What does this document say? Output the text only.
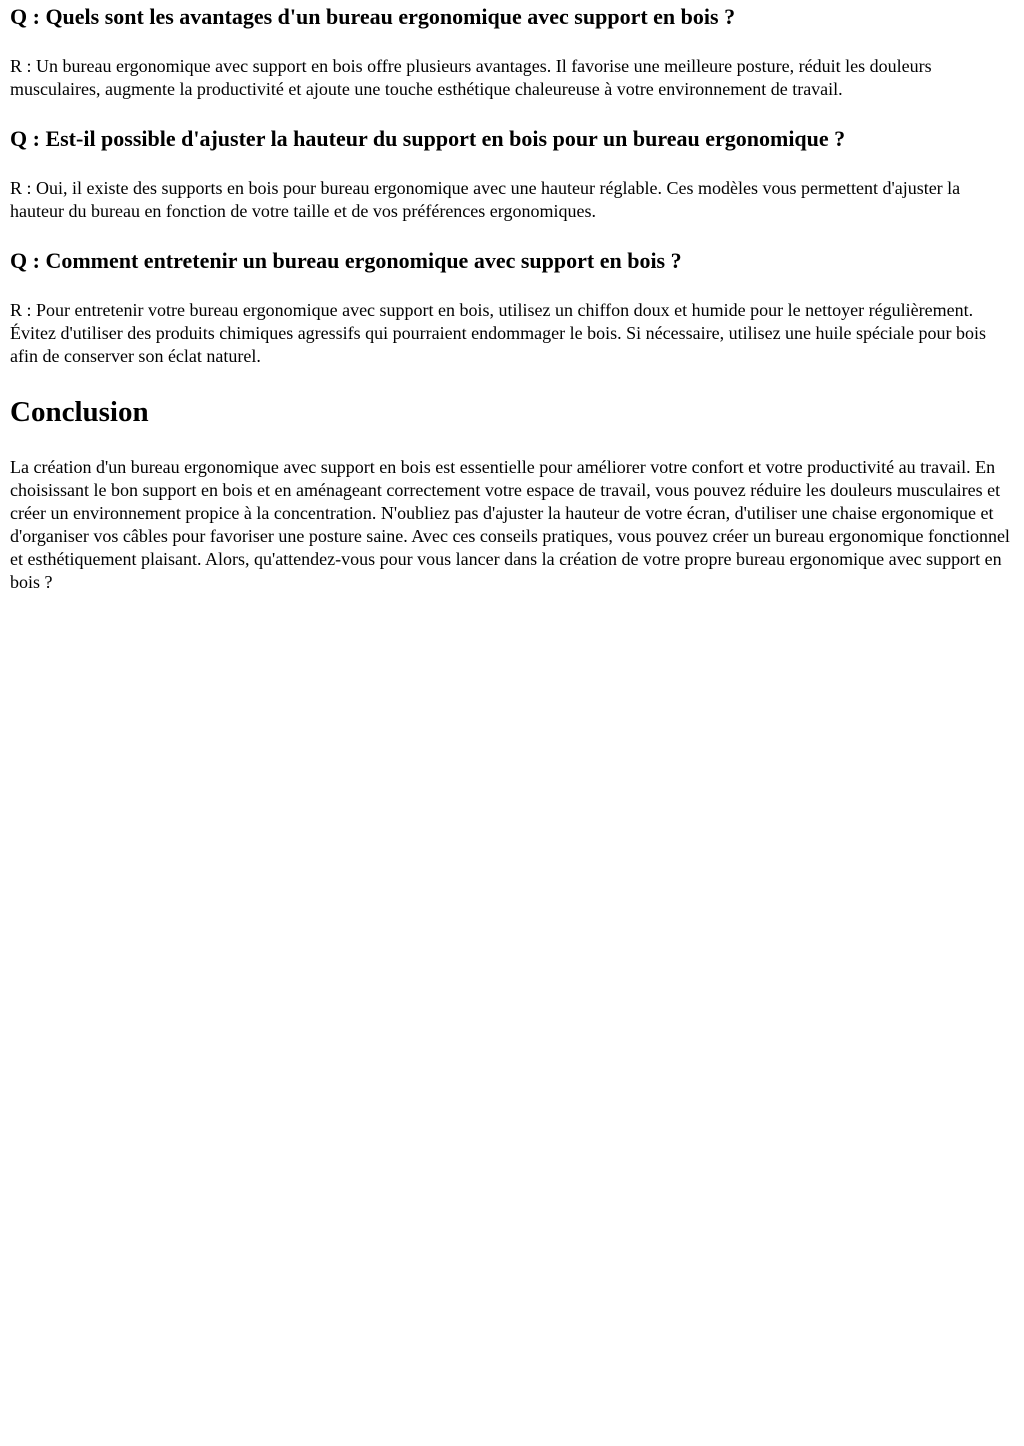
Q : Quels sont les avantages d'un bureau ergonomique avec support en bois ?

R : Un bureau ergonomique avec support en bois offre plusieurs avantages. Il favorise une meilleure posture, réduit les douleurs musculaires, augmente la productivité et ajoute une touche esthétique chaleureuse à votre environnement de travail.

Q : Est-il possible d'ajuster la hauteur du support en bois pour un bureau ergonomique ?

R : Oui, il existe des supports en bois pour bureau ergonomique avec une hauteur réglable. Ces modèles vous permettent d'ajuster la hauteur du bureau en fonction de votre taille et de vos préférences ergonomiques.

Q : Comment entretenir un bureau ergonomique avec support en bois ?

R : Pour entretenir votre bureau ergonomique avec support en bois, utilisez un chiffon doux et humide pour le nettoyer régulièrement. Évitez d'utiliser des produits chimiques agressifs qui pourraient endommager le bois. Si nécessaire, utilisez une huile spéciale pour bois afin de conserver son éclat naturel.

Conclusion

La création d'un bureau ergonomique avec support en bois est essentielle pour améliorer votre confort et votre productivité au travail. En choisissant le bon support en bois et en aménageant correctement votre espace de travail, vous pouvez réduire les douleurs musculaires et créer un environnement propice à la concentration. N'oubliez pas d'ajuster la hauteur de votre écran, d'utiliser une chaise ergonomique et d'organiser vos câbles pour favoriser une posture saine. Avec ces conseils pratiques, vous pouvez créer un bureau ergonomique fonctionnel et esthétiquement plaisant. Alors, qu'attendez-vous pour vous lancer dans la création de votre propre bureau ergonomique avec support en bois ?
